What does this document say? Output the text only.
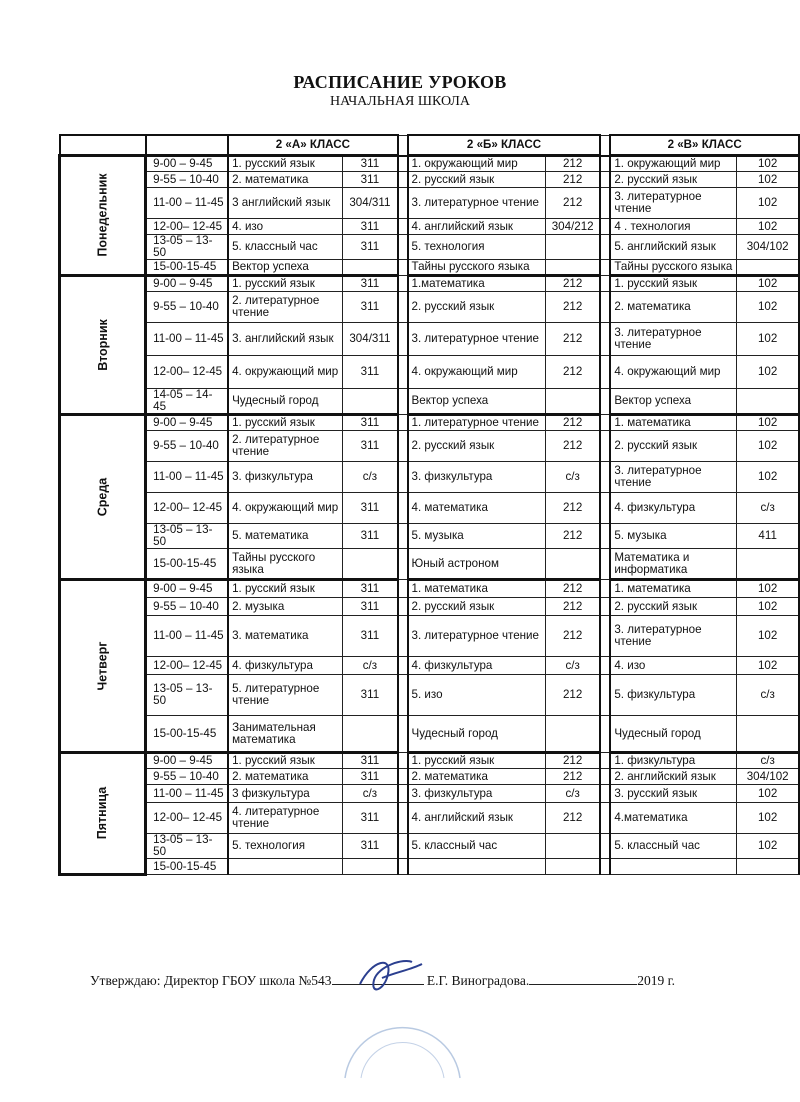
РАСПИСАНИЕ УРОКОВ
НАЧАЛЬНАЯ ШКОЛА
		2 «А» КЛАСС			2 «Б» КЛАСС			2 «В» КЛАСС	
Понедельник	9-00 – 9-45	1. русский язык	311		1. окружающий мир	212		1. окружающий мир	102
	9-55 – 10-40	2. математика	311		2. русский язык	212		2. русский язык	102
	11-00 – 11-45	3 английский язык	304/311		3. литературное чтение	212		3. литературное чтение	102
	12-00– 12-45	4. изо	311		4. английский язык	304/212		4 . технология	102
	13-05 – 13-50	5. классный час	311		5. технология			5. английский язык	304/102
	15-00-15-45	Вектор успеха			Тайны русского языка			Тайны русского языка	
Вторник	9-00 – 9-45	1. русский язык	311		1.математика	212		1. русский язык	102
	9-55 – 10-40	2. литературное чтение	311		2. русский язык	212		2. математика	102
	11-00 – 11-45	3. английский язык	304/311		3. литературное чтение	212		3. литературное чтение	102
	12-00– 12-45	4. окружающий мир	311		4. окружающий мир	212		4. окружающий мир	102
	14-05 – 14-45	Чудесный город			Вектор успеха			Вектор успеха	
Среда	9-00 – 9-45	1. русский язык	311		1. литературное чтение	212		1. математика	102
	9-55 – 10-40	2. литературное чтение	311		2. русский язык	212		2. русский язык	102
	11-00 – 11-45	3. физкультура	с/з		3. физкультура	с/з		3. литературное чтение	102
	12-00– 12-45	4. окружающий мир	311		4. математика	212		4. физкультура	с/з
	13-05 – 13-50	5. математика	311		5. музыка	212		5. музыка	411
	15-00-15-45	Тайны русского языка			Юный астроном			Математика и информатика	
Четверг	9-00 – 9-45	1. русский язык	311		1. математика	212		1. математика	102
	9-55 – 10-40	2. музыка	311		2. русский язык	212		2. русский язык	102
	11-00 – 11-45	3. математика	311		3. литературное чтение	212		3. литературное чтение	102
	12-00– 12-45	4. физкультура	с/з		4. физкультура	с/з		4. изо	102
	13-05 – 13-50	5. литературное чтение	311		5. изо	212		5. физкультура	с/з
	15-00-15-45	Занимательная математика			Чудесный город			Чудесный город	
Пятница	9-00 – 9-45	1. русский язык	311		1. русский язык	212		1. физкультура	с/з
	9-55 – 10-40	2. математика	311		2. математика	212		2. английский язык	304/102
	11-00 – 11-45	3 физкультура	с/з		3. физкультура	с/з		3. русский язык	102
	12-00– 12-45	4. литературное чтение	311		4. английский язык	212		4.математика	102
	13-05 – 13-50	5. технология	311		5. классный час			5. классный час	102
	15-00-15-45								
Утверждаю: Директор ГБОУ школа №543	Е.Г. Виноградова.	2019 г.
